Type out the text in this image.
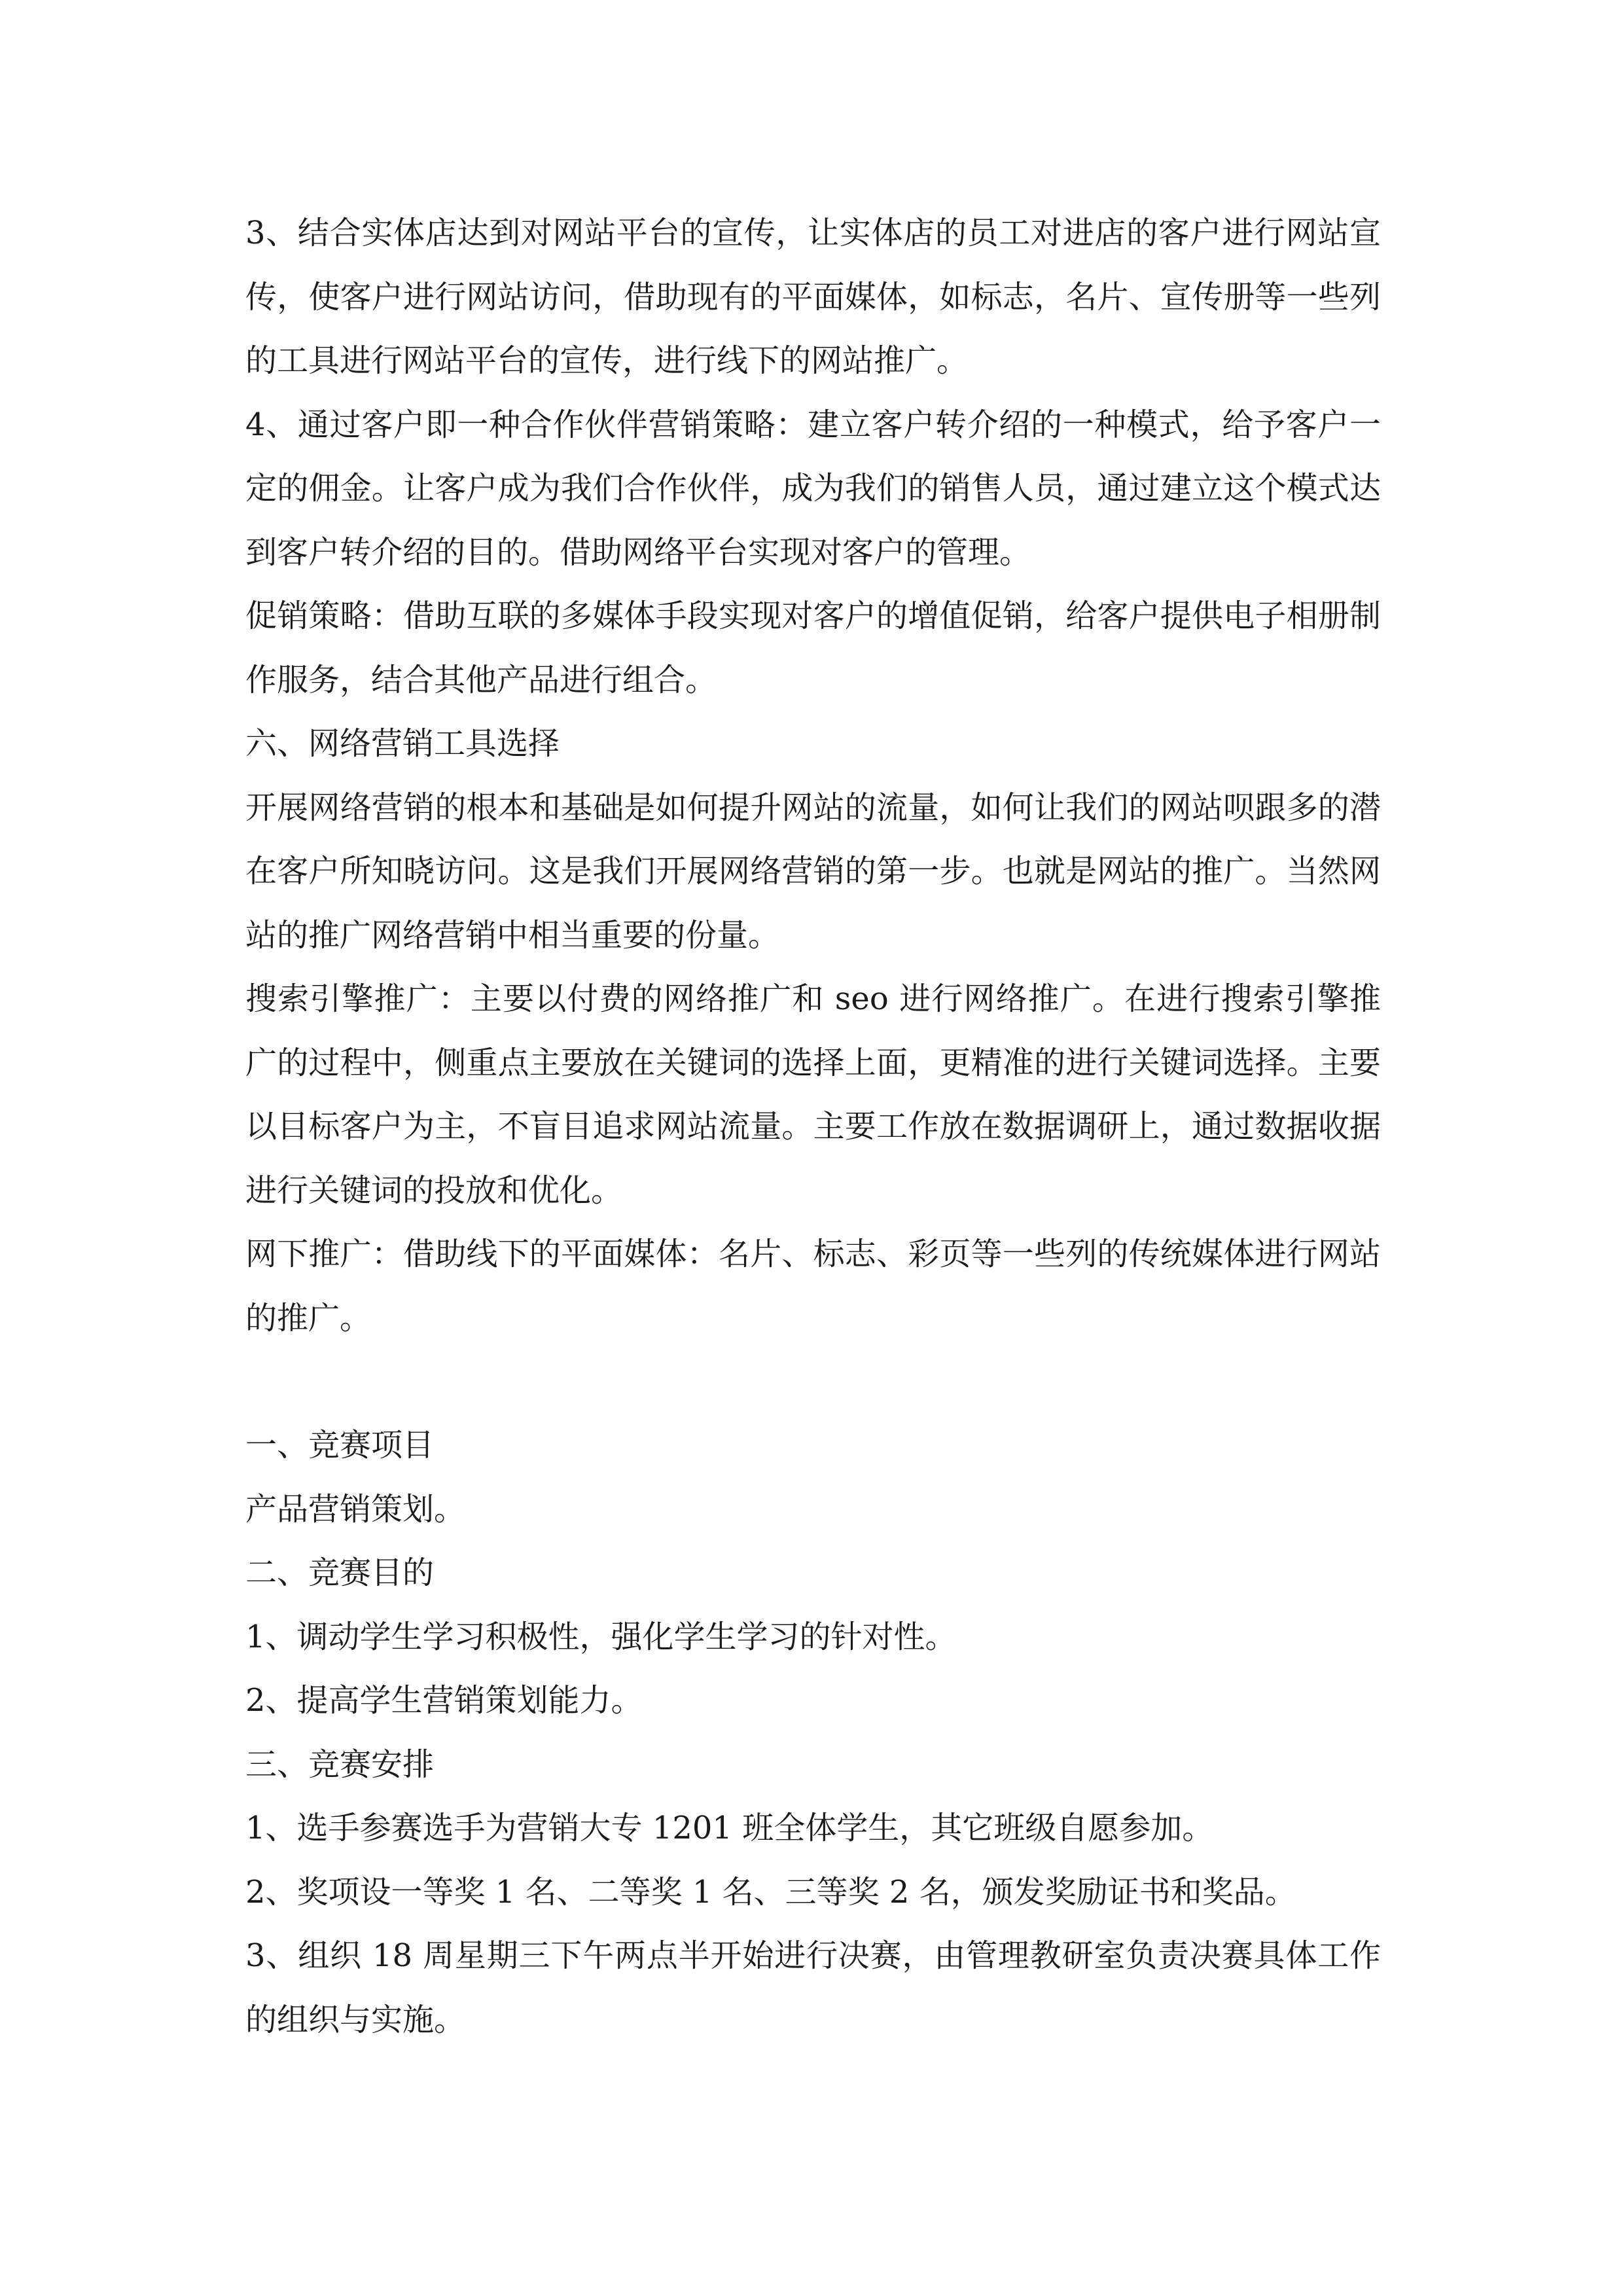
3、结合实体店达到对网站平台的宣传，让实体店的员工对进店的客户进行网站宣传，使客户进行网站访问，借助现有的平面媒体，如标志，名片、宣传册等一些列的工具进行网站平台的宣传，进行线下的网站推广。

4、通过客户即一种合作伙伴营销策略：建立客户转介绍的一种模式，给予客户一定的佣金。让客户成为我们合作伙伴，成为我们的销售人员，通过建立这个模式达到客户转介绍的目的。借助网络平台实现对客户的管理。

促销策略：借助互联的多媒体手段实现对客户的增值促销，给客户提供电子相册制作服务，结合其他产品进行组合。

六、网络营销工具选择

开展网络营销的根本和基础是如何提升网站的流量，如何让我们的网站呗跟多的潜在客户所知晓访问。这是我们开展网络营销的第一步。也就是网站的推广。当然网站的推广网络营销中相当重要的份量。

搜索引擎推广：主要以付费的网络推广和 seo 进行网络推广。在进行搜索引擎推广的过程中，侧重点主要放在关键词的选择上面，更精准的进行关键词选择。主要以目标客户为主，不盲目追求网站流量。主要工作放在数据调研上，通过数据收据进行关键词的投放和优化。

网下推广：借助线下的平面媒体：名片、标志、彩页等一些列的传统媒体进行网站的推广。

一、竞赛项目

产品营销策划。

二、竞赛目的

1、调动学生学习积极性，强化学生学习的针对性。

2、提高学生营销策划能力。

三、竞赛安排

1、选手参赛选手为营销大专 1201 班全体学生，其它班级自愿参加。

2、奖项设一等奖 1 名、二等奖 1 名、三等奖 2 名，颁发奖励证书和奖品。

3、组织 18 周星期三下午两点半开始进行决赛，由管理教研室负责决赛具体工作的组织与实施。
